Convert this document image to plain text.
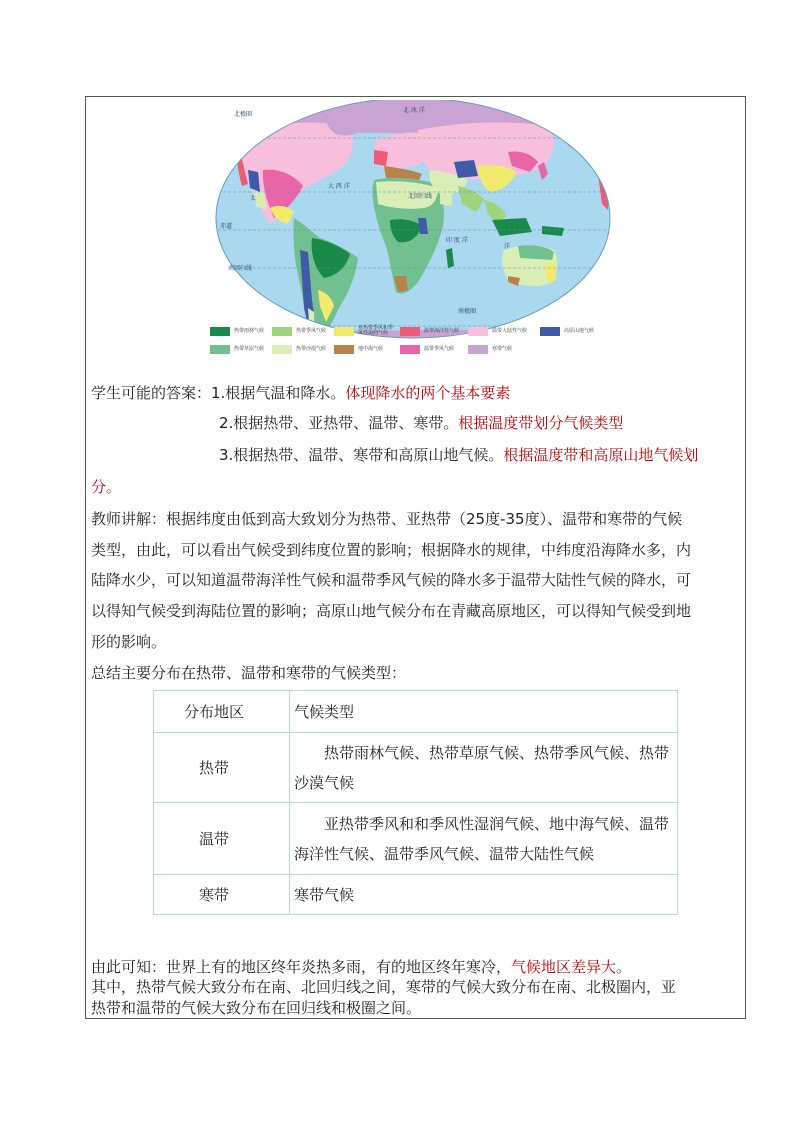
北极圈
北 冰 洋
太
大 西 洋
北回归线
赤道
印 度 洋
洋
南回归线
南极圈
热带雨林气候	热带季风气候	亚热带季风和季
风性湿润气候	温带海洋性气候	温带大陆性气候	高原山地气候
热带草原气候	热带沙漠气候	地中海气候	温带季风气候	寒带气候
学生可能的答案：1.根据气温和降水。体现降水的两个基本要素
2.根据热带、亚热带、温带、寒带。根据温度带划分气候类型
3.根据热带、温带、寒带和高原山地气候。根据温度带和高原山地气候划
分。
教师讲解：根据纬度由低到高大致划分为热带、亚热带（25度-35度）、温带和寒带的气候
类型，由此，可以看出气候受到纬度位置的影响；根据降水的规律，中纬度沿海降水多，内
陆降水少，可以知道温带海洋性气候和温带季风气候的降水多于温带大陆性气候的降水，可
以得知气候受到海陆位置的影响；高原山地气候分布在青藏高原地区，可以得知气候受到地
形的影响。
总结主要分布在热带、温带和寒带的气候类型：
分布地区	气候类型
热带	热带雨林气候、热带草原气候、热带季风气候、热带沙漠气候
温带	亚热带季风和和季风性湿润气候、地中海气候、温带海洋性气候、温带季风气候、温带大陆性气候
寒带	寒带气候
由此可知：世界上有的地区终年炎热多雨，有的地区终年寒冷，气候地区差异大。
其中，热带气候大致分布在南、北回归线之间，寒带的气候大致分布在南、北极圈内，亚
热带和温带的气候大致分布在回归线和极圈之间。
